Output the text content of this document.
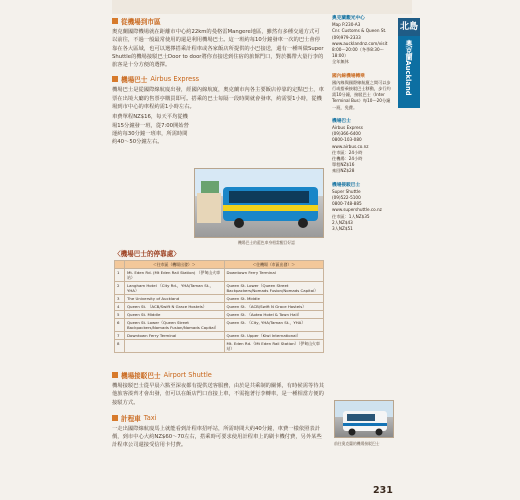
從機場到市區

奧克蘭國際機場就在距離市中心約22km的曼格雷Mangere地區，雖然有多種交通方式可以前往，不過一般最常使用的還是利用機場巴士。這一班約每10分鐘發車一次的巴士會停靠在各大區域，也可以選擇搭乘計程車或各家飯店所提供的小巴接送，還有一種叫做Super Shuttle的機場接駁巴士Door to door將你直接送到住宿的旅館門口，對於攜帶大量行李的旅客是十分方便的選擇。

機場巴士 Airbus Express

機場巴士是從國際線航廈出發，經國內線航廈，奧克蘭市內各主要飯店停靠的定點巴士，車票在出境大廳的售票亭購買即可。搭乘的巴士每隔一段時間就會發車，約需要1小時，從機場到市中心的車程約需1小時左右。

車費單程NZ$16，每天平均從機場15分鐘發一班，從7:00開始營運約每30分鐘一班車，所需時間約40～50分鐘左右。

機場巴士的藍色車身相當醒目好認
〈機場巴士的停靠處〉
	＜往市區（機場出發）＞	＜往機場（市區出發）＞
1	Mt. Eden Rd. (Mt Eden Rail Station) （伊甸山火車站）	Downtown Ferry Terminal
2	Langham Hotel （City Rd.，YHA/Taman St.，YHA）	Queen St. Lower（Queen Street Backpackers/Nomads Fusion/Nomads Capital）
3	The University of Auckland	Queen St. Middle
4	Queen St. （ACB/Swift N Grace Hostels）	Queen St. （ACB/Swift N Grace Hostels）
5	Queen St. Middle	Queen St. （Aotea Hotel & Town Hall）
6	Queen St. Lower（Queen Street Backpackers/Nomads Fusion/Nomads Capital）	Queen St. （City, YHA/Taman St.，YHA）
7	Downtown Ferry Terminal	Queen St. Upper（Kiwi International）
8		Mt. Eden Rd.（Mt Eden Rail Station）（伊甸山火車站）
機場接駁巴士 Airport Shuttle

機場接駁巴士從早晨六點至深夜都有提供送客服務，由於是共乘制的關係，有時候需等待其他旅客湊齊才會出發，但可以在飯店門口直接上車，不需拖著行李轉車，是一種相當方便的接駁方式。

計程車 Taxi

一走出國際線航廈馬上就能看到計程車招呼站，所需時間大約40分鐘，車費一樣依照表計價，到市中心大約NZ$60～70左右，搭乘時可要求使用計程車上的刷卡機付費，另外某些計程車公司還接受信用卡付費。

奧克蘭觀光中心
Map P.230-A3
Cnr. Customs & Queen St.
(09)979-2333
www.aucklandnz.com/visit
8:00～20:00（冬季8:30～18:00）
全年無休
國內線機場轉乘
國內線與國際線航廈之間可以步行或搭乘接駁巴士移動，步行約需10分鐘，接駁巴士（Inter Terminal Bus）每10～20分鐘一班，免費。
機場巴士
Airbus Express
(09)366-6400
0800-103-080
www.airbus.co.nz
往市區：24小時
往機場：24小時
單程NZ$16
來回NZ$28
機場接駁巴士
Super Shuttle
(09)522-5100
0800-748-885
www.supershuttle.co.nz
往市區：1人NZ$35
2人NZ$43
3人NZ$51
前往奧克蘭的機場接駁巴士
北島
奧克蘭Auckland
231
